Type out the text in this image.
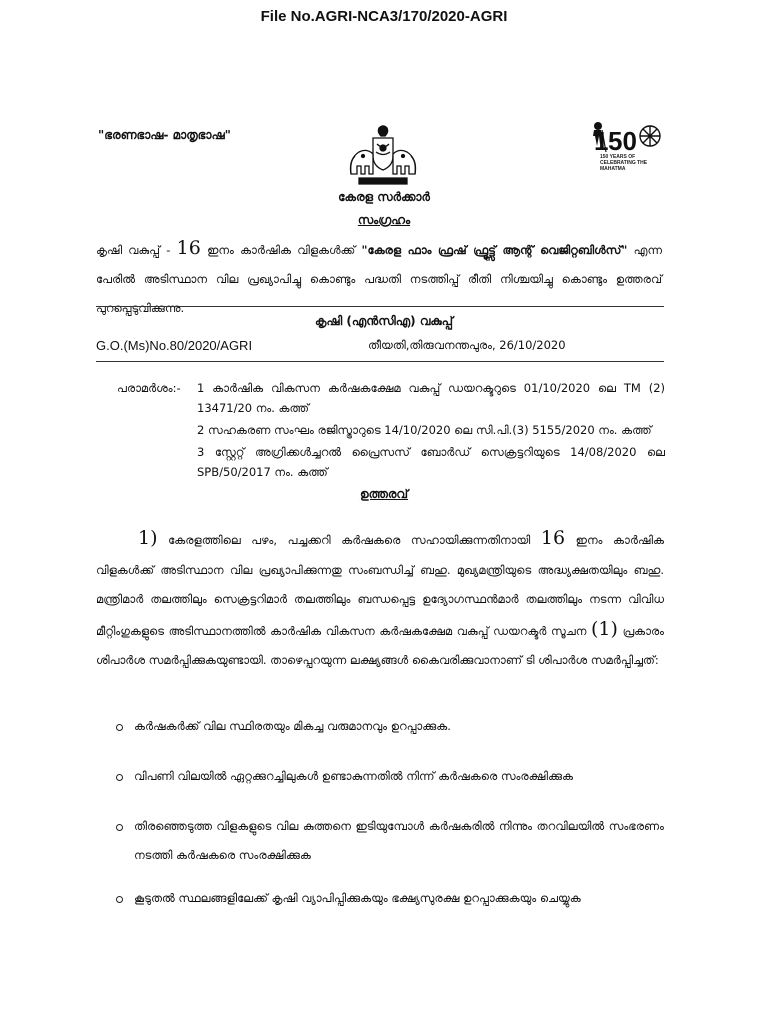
File No.AGRI-NCA3/170/2020-AGRI
"ഭരണഭാഷ- മാതൃഭാഷ"	50
1
150 YEARS OF CELEBRATING THE MAHATMA
കേരള സർക്കാർ
സംഗ്രഹം
കൃഷി വകുപ്പ് - 16 ഇനം കാർഷിക വിളകൾക്ക് "കേരള ഫാം ഫ്രഷ് ഫ്രൂട്ട്സ് ആന്റ് വെജിറ്റബിൾസ്" എന്ന പേരിൽ അടിസ്ഥാന വില പ്രഖ്യാപിച്ചു കൊണ്ടും പദ്ധതി നടത്തിപ്പ് രീതി നിശ്ചയിച്ചു കൊണ്ടും ഉത്തരവ് പുറപ്പെടുവിക്കുന്നു.
കൃഷി (എൻസിഎ) വകുപ്പ്
G.O.(Ms)No.80/2020/AGRI	തീയതി,തിരുവനന്തപുരം, 26/10/2020
പരാമർശം:- 1 കാർഷിക വികസന കർഷകക്ഷേമ വകുപ്പ് ഡയറക്ടറുടെ 01/10/2020 ലെ TM (2) 13471/20 നം. കത്ത്
2 സഹകരണ സംഘം രജിസ്ട്രാറുടെ 14/10/2020 ലെ സി.പി.(3) 5155/2020 നം. കത്ത്
3 സ്റ്റേറ്റ് അഗ്രിക്കൾച്ചറൽ പ്രൈസസ് ബോർഡ് സെക്രട്ടറിയുടെ 14/08/2020 ലെ SPB/50/2017 നം. കത്ത്
ഉത്തരവ്
1) കേരളത്തിലെ പഴം, പച്ചക്കറി കർഷകരെ സഹായിക്കുന്നതിനായി 16 ഇനം കാർഷിക വിളകൾക്ക് അടിസ്ഥാന വില പ്രഖ്യാപിക്കുന്നതു സംബന്ധിച്ച് ബഹു. മുഖ്യമന്ത്രിയുടെ അദ്ധ്യക്ഷതയിലും ബഹു. മന്ത്രിമാർ തലത്തിലും സെക്രട്ടറിമാർ തലത്തിലും ബന്ധപ്പെട്ട ഉദ്യോഗസ്ഥൻമാർ തലത്തിലും നടന്ന വിവിധ മീറ്റിംഗുകളുടെ അടിസ്ഥാനത്തിൽ കാർഷിക വികസന കർഷകക്ഷേമ വകുപ്പ് ഡയറക്ടർ സൂചന (1) പ്രകാരം ശിപാർശ സമർപ്പിക്കുകയുണ്ടായി. താഴെപ്പറയുന്ന ലക്ഷ്യങ്ങൾ കൈവരിക്കുവാനാണ് ടി ശിപാർശ സമർപ്പിച്ചത്:
കർഷകർക്ക് വില സ്ഥിരതയും മികച്ച വരുമാനവും ഉറപ്പാക്കുക.
വിപണി വിലയിൽ ഏറ്റക്കുറച്ചിലുകൾ ഉണ്ടാകുന്നതിൽ നിന്ന് കർഷകരെ സംരക്ഷിക്കുക
തിരഞ്ഞെടുത്ത വിളകളുടെ വില കുത്തനെ ഇടിയുമ്പോൾ കർഷകരിൽ നിന്നും തറവിലയിൽ സംഭരണം നടത്തി കർഷകരെ സംരക്ഷിക്കുക
കൂടുതൽ സ്ഥലങ്ങളിലേക്ക് കൃഷി വ്യാപിപ്പിക്കുകയും ഭക്ഷ്യസുരക്ഷ ഉറപ്പാക്കുകയും ചെയ്യുക
